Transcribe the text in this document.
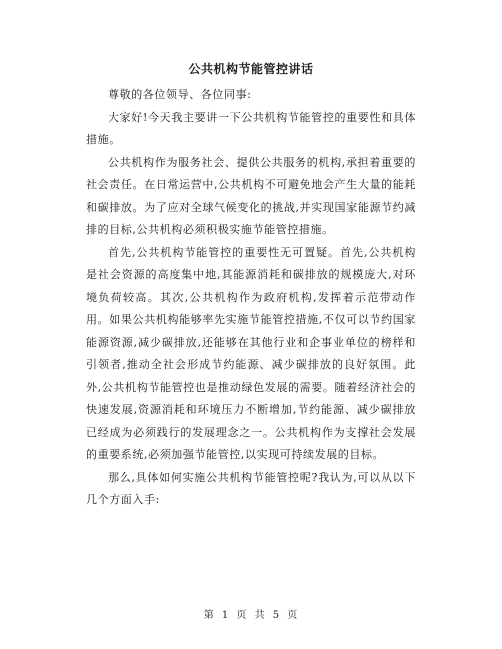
公共机构节能管控讲话

尊敬的各位领导、各位同事:

大家好!今天我主要讲一下公共机构节能管控的重要性和具体措施。

公共机构作为服务社会、提供公共服务的机构,承担着重要的社会责任。在日常运营中,公共机构不可避免地会产生大量的能耗和碳排放。为了应对全球气候变化的挑战,并实现国家能源节约减排的目标,公共机构必须积极实施节能管控措施。

首先,公共机构节能管控的重要性无可置疑。首先,公共机构是社会资源的高度集中地,其能源消耗和碳排放的规模庞大,对环境负荷较高。其次,公共机构作为政府机构,发挥着示范带动作用。如果公共机构能够率先实施节能管控措施,不仅可以节约国家能源资源,减少碳排放,还能够在其他行业和企事业单位的榜样和引领者,推动全社会形成节约能源、减少碳排放的良好氛围。此外,公共机构节能管控也是推动绿色发展的需要。随着经济社会的快速发展,资源消耗和环境压力不断增加,节约能源、减少碳排放已经成为必须践行的发展理念之一。公共机构作为支撑社会发展的重要系统,必须加强节能管控,以实现可持续发展的目标。

那么,具体如何实施公共机构节能管控呢?我认为,可以从以下几个方面入手:

第 1 页 共 5 页
